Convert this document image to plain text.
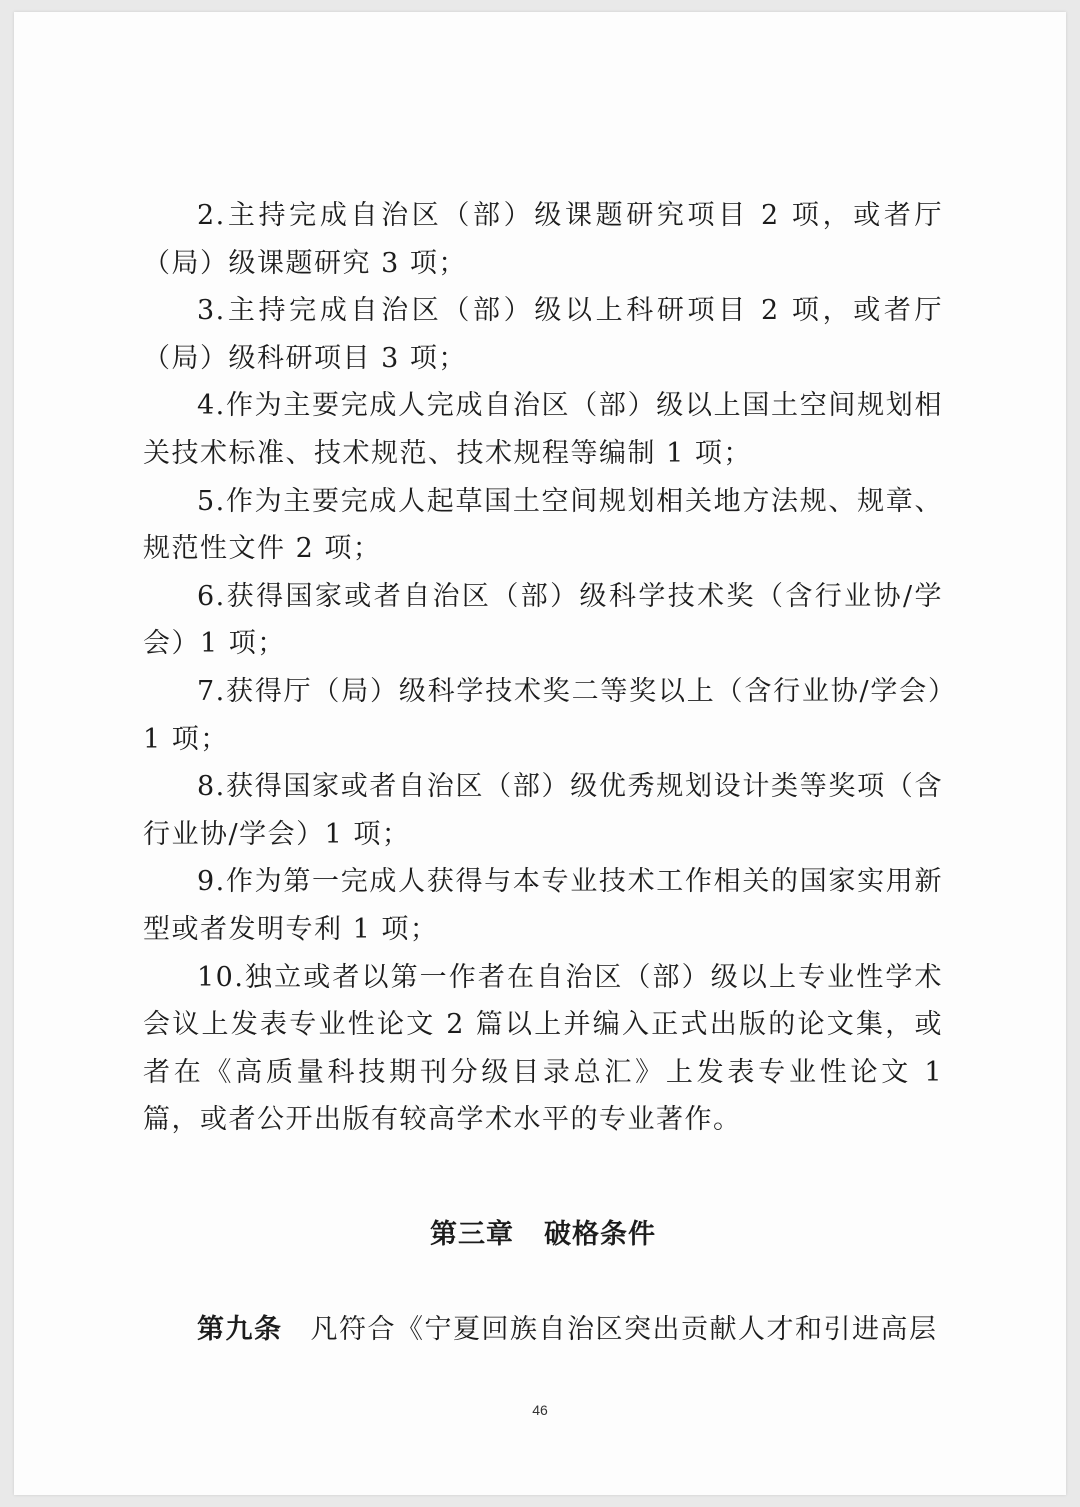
2.主持完成自治区（部）级课题研究项目 2 项，或者厅（局）级课题研究 3 项；

3.主持完成自治区（部）级以上科研项目 2 项，或者厅（局）级科研项目 3 项；

4.作为主要完成人完成自治区（部）级以上国土空间规划相关技术标准、技术规范、技术规程等编制 1 项；

5.作为主要完成人起草国土空间规划相关地方法规、规章、规范性文件 2 项；

6.获得国家或者自治区（部）级科学技术奖（含行业协/学会）1 项；

7.获得厅（局）级科学技术奖二等奖以上（含行业协/学会）1 项；

8.获得国家或者自治区（部）级优秀规划设计类等奖项（含行业协/学会）1 项；

9.作为第一完成人获得与本专业技术工作相关的国家实用新型或者发明专利 1 项；

10.独立或者以第一作者在自治区（部）级以上专业性学术会议上发表专业性论文 2 篇以上并编入正式出版的论文集，或者在《高质量科技期刊分级目录总汇》上发表专业性论文 1 篇，或者公开出版有较高学术水平的专业著作。

第三章 破格条件
第九条 凡符合《宁夏回族自治区突出贡献人才和引进高层
46
